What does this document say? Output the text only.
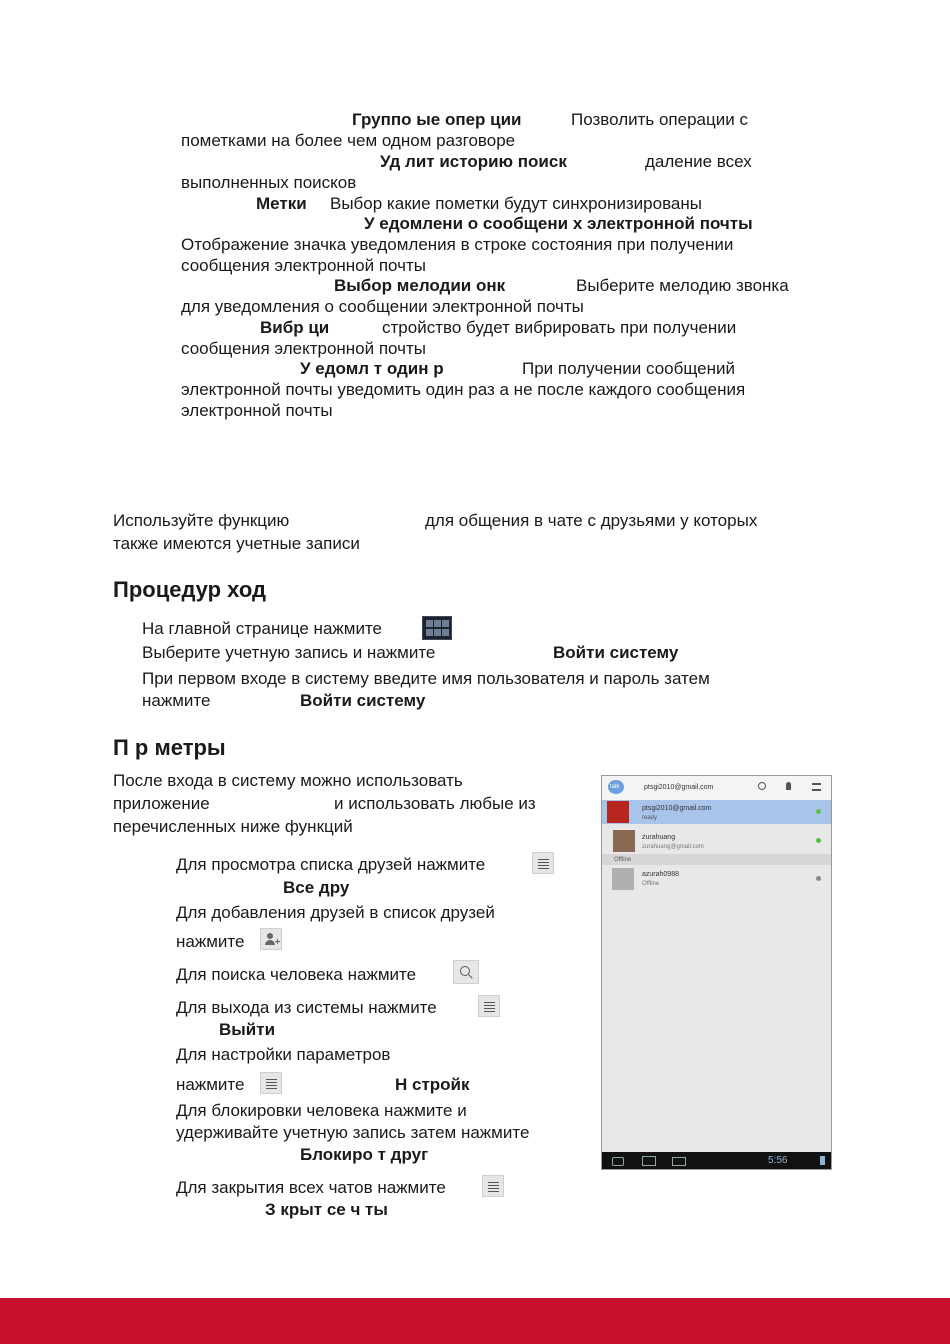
Группо ые опер ции	Позволить операции с
пометками на более чем одном разговоре
Уд лит историю поиск	даление всех
выполненных поисков
Метки Выбор какие пометки будут синхронизированы
У едомлени о сообщени х электронной почты
Отображение значка уведомления в строке состояния при получении
сообщения электронной почты
Выбор мелодии онк	Выберите мелодию звонка
для уведомления о сообщении электронной почты
Вибр ци	стройство будет вибрировать при получении
сообщения электронной почты
У едомл т один р	При получении сообщений
электронной почты уведомить один раз а не после каждого сообщения
электронной почты
Используйте функцию	для общения в чате с друзьями у которых
также имеются учетные записи
Процедур ход
На главной странице нажмите
Выберите учетную запись и нажмите	Войти систему
При первом входе в систему введите имя пользователя и пароль затем
нажмите	Войти систему
П р метры
После входа в систему можно использовать
приложение	и использовать любые из
перечисленных ниже функций
Для просмотра списка друзей нажмите
Все дру
Для добавления друзей в список друзей
нажмите
Для поиска человека нажмите
Для выхода из системы нажмите
Выйти
Для настройки параметров
нажмите	Н стройк
Для блокировки человека нажмите и
удерживайте учетную запись затем нажмите
Блокиро т друг
Для закрытия всех чатов нажмите
З крыт се ч ты
talk	ptsgi2010@gmail.com
ptsgi2010@gmail.com
ready
zurahuang
zurahuang@gmail.com
Offline
azurah0988
Offline
5:56
